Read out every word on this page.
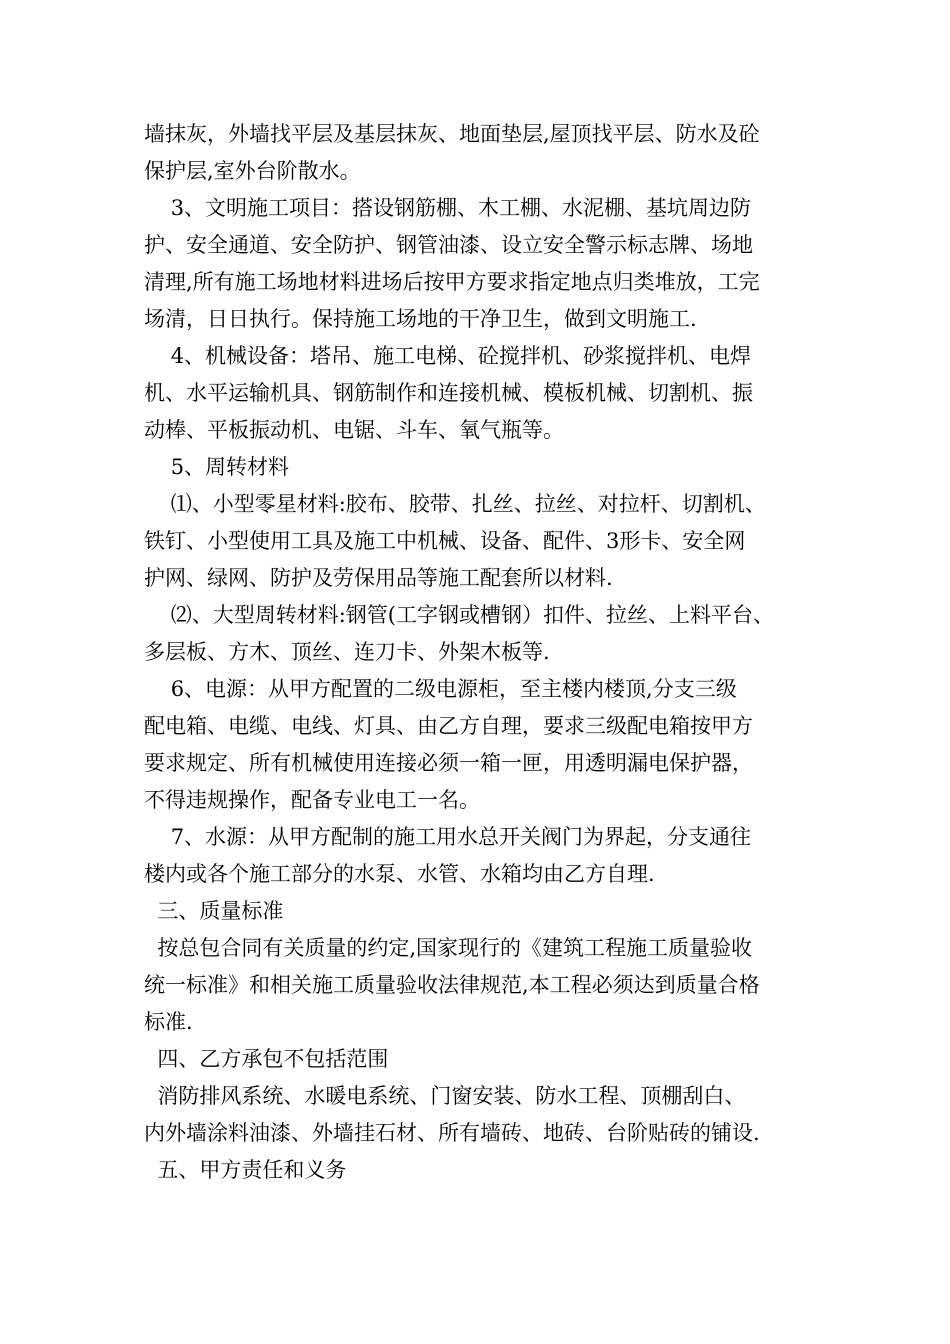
墙抹灰，外墙找平层及基层抹灰、地面垫层,屋顶找平层、防水及砼
保护层,室外台阶散水。
3、文明施工项目：搭设钢筋棚、木工棚、水泥棚、基坑周边防
护、安全通道、安全防护、钢管油漆、设立安全警示标志牌、场地
清理,所有施工场地材料进场后按甲方要求指定地点归类堆放，工完
场清，日日执行。保持施工场地的干净卫生，做到文明施工.
4、机械设备：塔吊、施工电梯、砼搅拌机、砂浆搅拌机、电焊
机、水平运输机具、钢筋制作和连接机械、模板机械、切割机、振
动棒、平板振动机、电锯、斗车、氧气瓶等。
5、周转材料
⑴、小型零星材料:胶布、胶带、扎丝、拉丝、对拉杆、切割机、
铁钉、小型使用工具及施工中机械、设备、配件、3形卡、安全网
护网、绿网、防护及劳保用品等施工配套所以材料.
⑵、大型周转材料:钢管(工字钢或槽钢）扣件、拉丝、上料平台、
多层板、方木、顶丝、连刀卡、外架木板等.
6、电源：从甲方配置的二级电源柜，至主楼内楼顶,分支三级
配电箱、电缆、电线、灯具、由乙方自理，要求三级配电箱按甲方
要求规定、所有机械使用连接必须一箱一匣，用透明漏电保护器，
不得违规操作，配备专业电工一名。
7、水源：从甲方配制的施工用水总开关阀门为界起，分支通往
楼内或各个施工部分的水泵、水管、水箱均由乙方自理.
三、质量标准
按总包合同有关质量的约定,国家现行的《建筑工程施工质量验收
统一标准》和相关施工质量验收法律规范,本工程必须达到质量合格
标准.
四、乙方承包不包括范围
消防排风系统、水暖电系统、门窗安装、防水工程、顶棚刮白、
内外墙涂料油漆、外墙挂石材、所有墙砖、地砖、台阶贴砖的铺设.
五、甲方责任和义务
